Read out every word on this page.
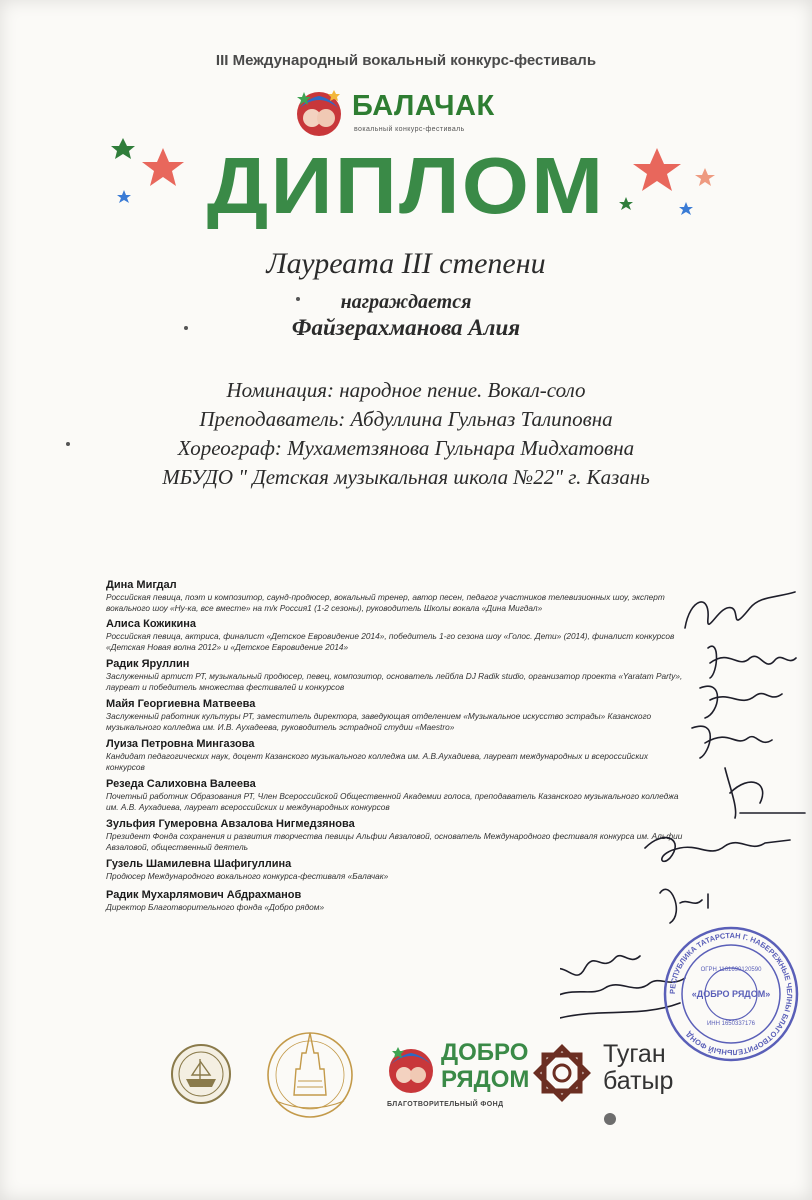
III Международный вокальный конкурс-фестиваль
БАЛАЧАК
вокальный конкурс-фестиваль
ДИПЛОМ
Лауреата III степени
награждается
Файзерахманова Алия
Номинация: народное пение. Вокал-соло
Преподаватель: Абдуллина Гульназ Талиповна
Хореограф: Мухаметзянова Гульнара Мидхатовна
МБУДО " Детская музыкальная школа №22" г. Казань
Дина Мигдал
Российская певица, поэт и композитор, саунд-продюсер, вокальный тренер, автор песен, педагог участников телевизионных шоу, эксперт вокального шоу «Ну-ка, все вместе» на т/к Россия1 (1-2 сезоны), руководитель Школы вокала «Дина Мигдал»
Алиса Кожикина
Российская певица, актриса, финалист «Детское Евровидение 2014», победитель 1-го сезона шоу «Голос. Дети» (2014), финалист конкурсов «Детская Новая волна 2012» и «Детское Евровидение 2014»
Радик Яруллин
Заслуженный артист РТ, музыкальный продюсер, певец, композитор, основатель лейбла DJ Radik studio, организатор проекта «Yaratam Party», лауреат и победитель множества фестивалей и конкурсов
Майя Георгиевна Матвеева
Заслуженный работник культуры РТ, заместитель директора, заведующая отделением «Музыкальное искусство эстрады» Казанского музыкального колледжа им. И.В. Аухадеева, руководитель эстрадной студии «Maestro»
Луиза Петровна Мингазова
Кандидат педагогических наук, доцент Казанского музыкального колледжа им. А.В.Аухадиева, лауреат международных и всероссийских конкурсов
Резеда Салиховна Валеева
Почетный работник Образования РТ, Член Всероссийской Общественной Академии голоса, преподаватель Казанского музыкального колледжа им. А.В. Аухадиева, лауреат всероссийских и международных конкурсов
Зульфия Гумеровна Авзалова Нигмедзянова
Президент Фонда сохранения и развития творчества певицы Альфии Авзаловой, основатель Международного фестиваля конкурса им. Альфии Авзаловой, общественный деятель
Гузель Шамилевна Шафигуллина
Продюсер Международного вокального конкурса-фестиваля «Балачак»
Радик Мухарлямович Абдрахманов
Директор Благотворительного фонда «Добро рядом»
РЕСПУБЛИКА ТАТАРСТАН Г. НАБЕРЕЖНЫЕ ЧЕЛНЫ БЛАГОТВОРИТЕЛЬНЫЙ ФОНД
ОГРН 1161690120590
«ДОБРО РЯДОМ»
ИНН 1650337176
ДОБРО
РЯДОМ
БЛАГОТВОРИТЕЛЬНЫЙ ФОНД
Туган
батыр
